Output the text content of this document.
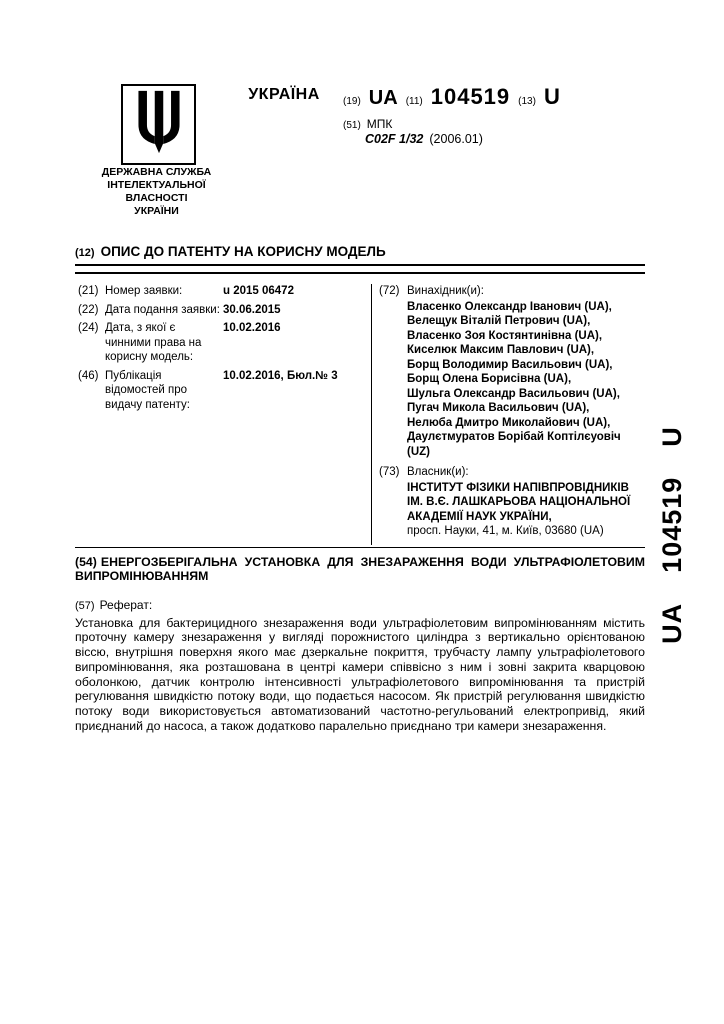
УКРАЇНА	(19) UA (11) 104519 (13) U
(51) МПК
C02F 1/32 (2006.01)
ДЕРЖАВНА СЛУЖБА
ІНТЕЛЕКТУАЛЬНОЇ
ВЛАСНОСТІ
УКРАЇНИ
(12) ОПИС ДО ПАТЕНТУ НА КОРИСНУ МОДЕЛЬ
(21) Номер заявки:	u 2015 06472
(22) Дата подання заявки: 30.06.2015
(24) Дата, з якої є чинними права на корисну модель:
10.02.2016
(46) Публікація відомостей про видачу патенту:
10.02.2016, Бюл.№ 3
(72) Винахідник(и):
Власенко Олександр Іванович (UA),
Велещук Віталій Петрович (UA),
Власенко Зоя Костянтинівна (UA),
Киселюк Максим Павлович (UA),
Борщ Володимир Васильович (UA),
Борщ Олена Борисівна (UA),
Шульга Олександр Васильович (UA),
Пугач Микола Васильович (UA),
Нелюба Дмитро Миколайович (UA),
Даулєтмуратов Борібай Коптілєуовіч (UZ)
(73) Власник(и):
ІНСТИТУТ ФІЗИКИ НАПІВПРОВІДНИКІВ ІМ. В.Є. ЛАШКАРЬОВА НАЦІОНАЛЬНОЇ АКАДЕМІЇ НАУК УКРАЇНИ,
просп. Науки, 41, м. Київ, 03680 (UA)
(54) ЕНЕРГОЗБЕРІГАЛЬНА УСТАНОВКА ДЛЯ ЗНЕЗАРАЖЕННЯ ВОДИ УЛЬТРАФІОЛЕТОВИМ ВИПРОМІНЮВАННЯМ
(57) Реферат:
Установка для бактерицидного знезараження води ультрафіолетовим випромінюванням містить проточну камеру знезараження у вигляді порожнистого циліндра з вертикально орієнтованою віссю, внутрішня поверхня якого має дзеркальне покриття, трубчасту лампу ультрафіолетового випромінювання, яка розташована в центрі камери співвісно з ним і зовні закрита кварцовою оболонкою, датчик контролю інтенсивності ультрафіолетового випромінювання та пристрій регулювання швидкістю потоку води, що подається насосом. Як пристрій регулювання швидкістю потоку води використовується автоматизований частотно-регульований електропривід, який приєднаний до насоса, а також додатково паралельно приєднано три камери знезараження.
UA
104519
U
